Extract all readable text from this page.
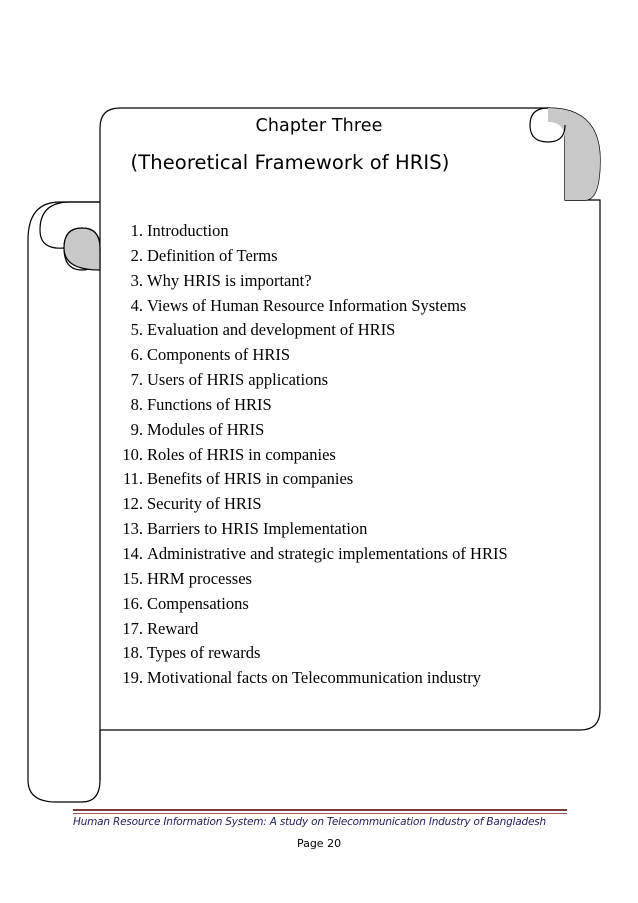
Chapter Three
(Theoretical Framework of HRIS)
1. Introduction
2. Definition of Terms
3. Why HRIS is important?
4. Views of Human Resource Information Systems
5. Evaluation and development of HRIS
6. Components of HRIS
7. Users of HRIS applications
8. Functions of HRIS
9. Modules of HRIS
10. Roles of HRIS in companies
11. Benefits of HRIS in companies
12. Security of HRIS
13. Barriers to HRIS Implementation
14. Administrative and strategic implementations of HRIS
15. HRM processes
16. Compensations
17. Reward
18. Types of rewards
19. Motivational facts on Telecommunication industry
Human Resource Information System: A study on Telecommunication Industry of Bangladesh
Page 20
